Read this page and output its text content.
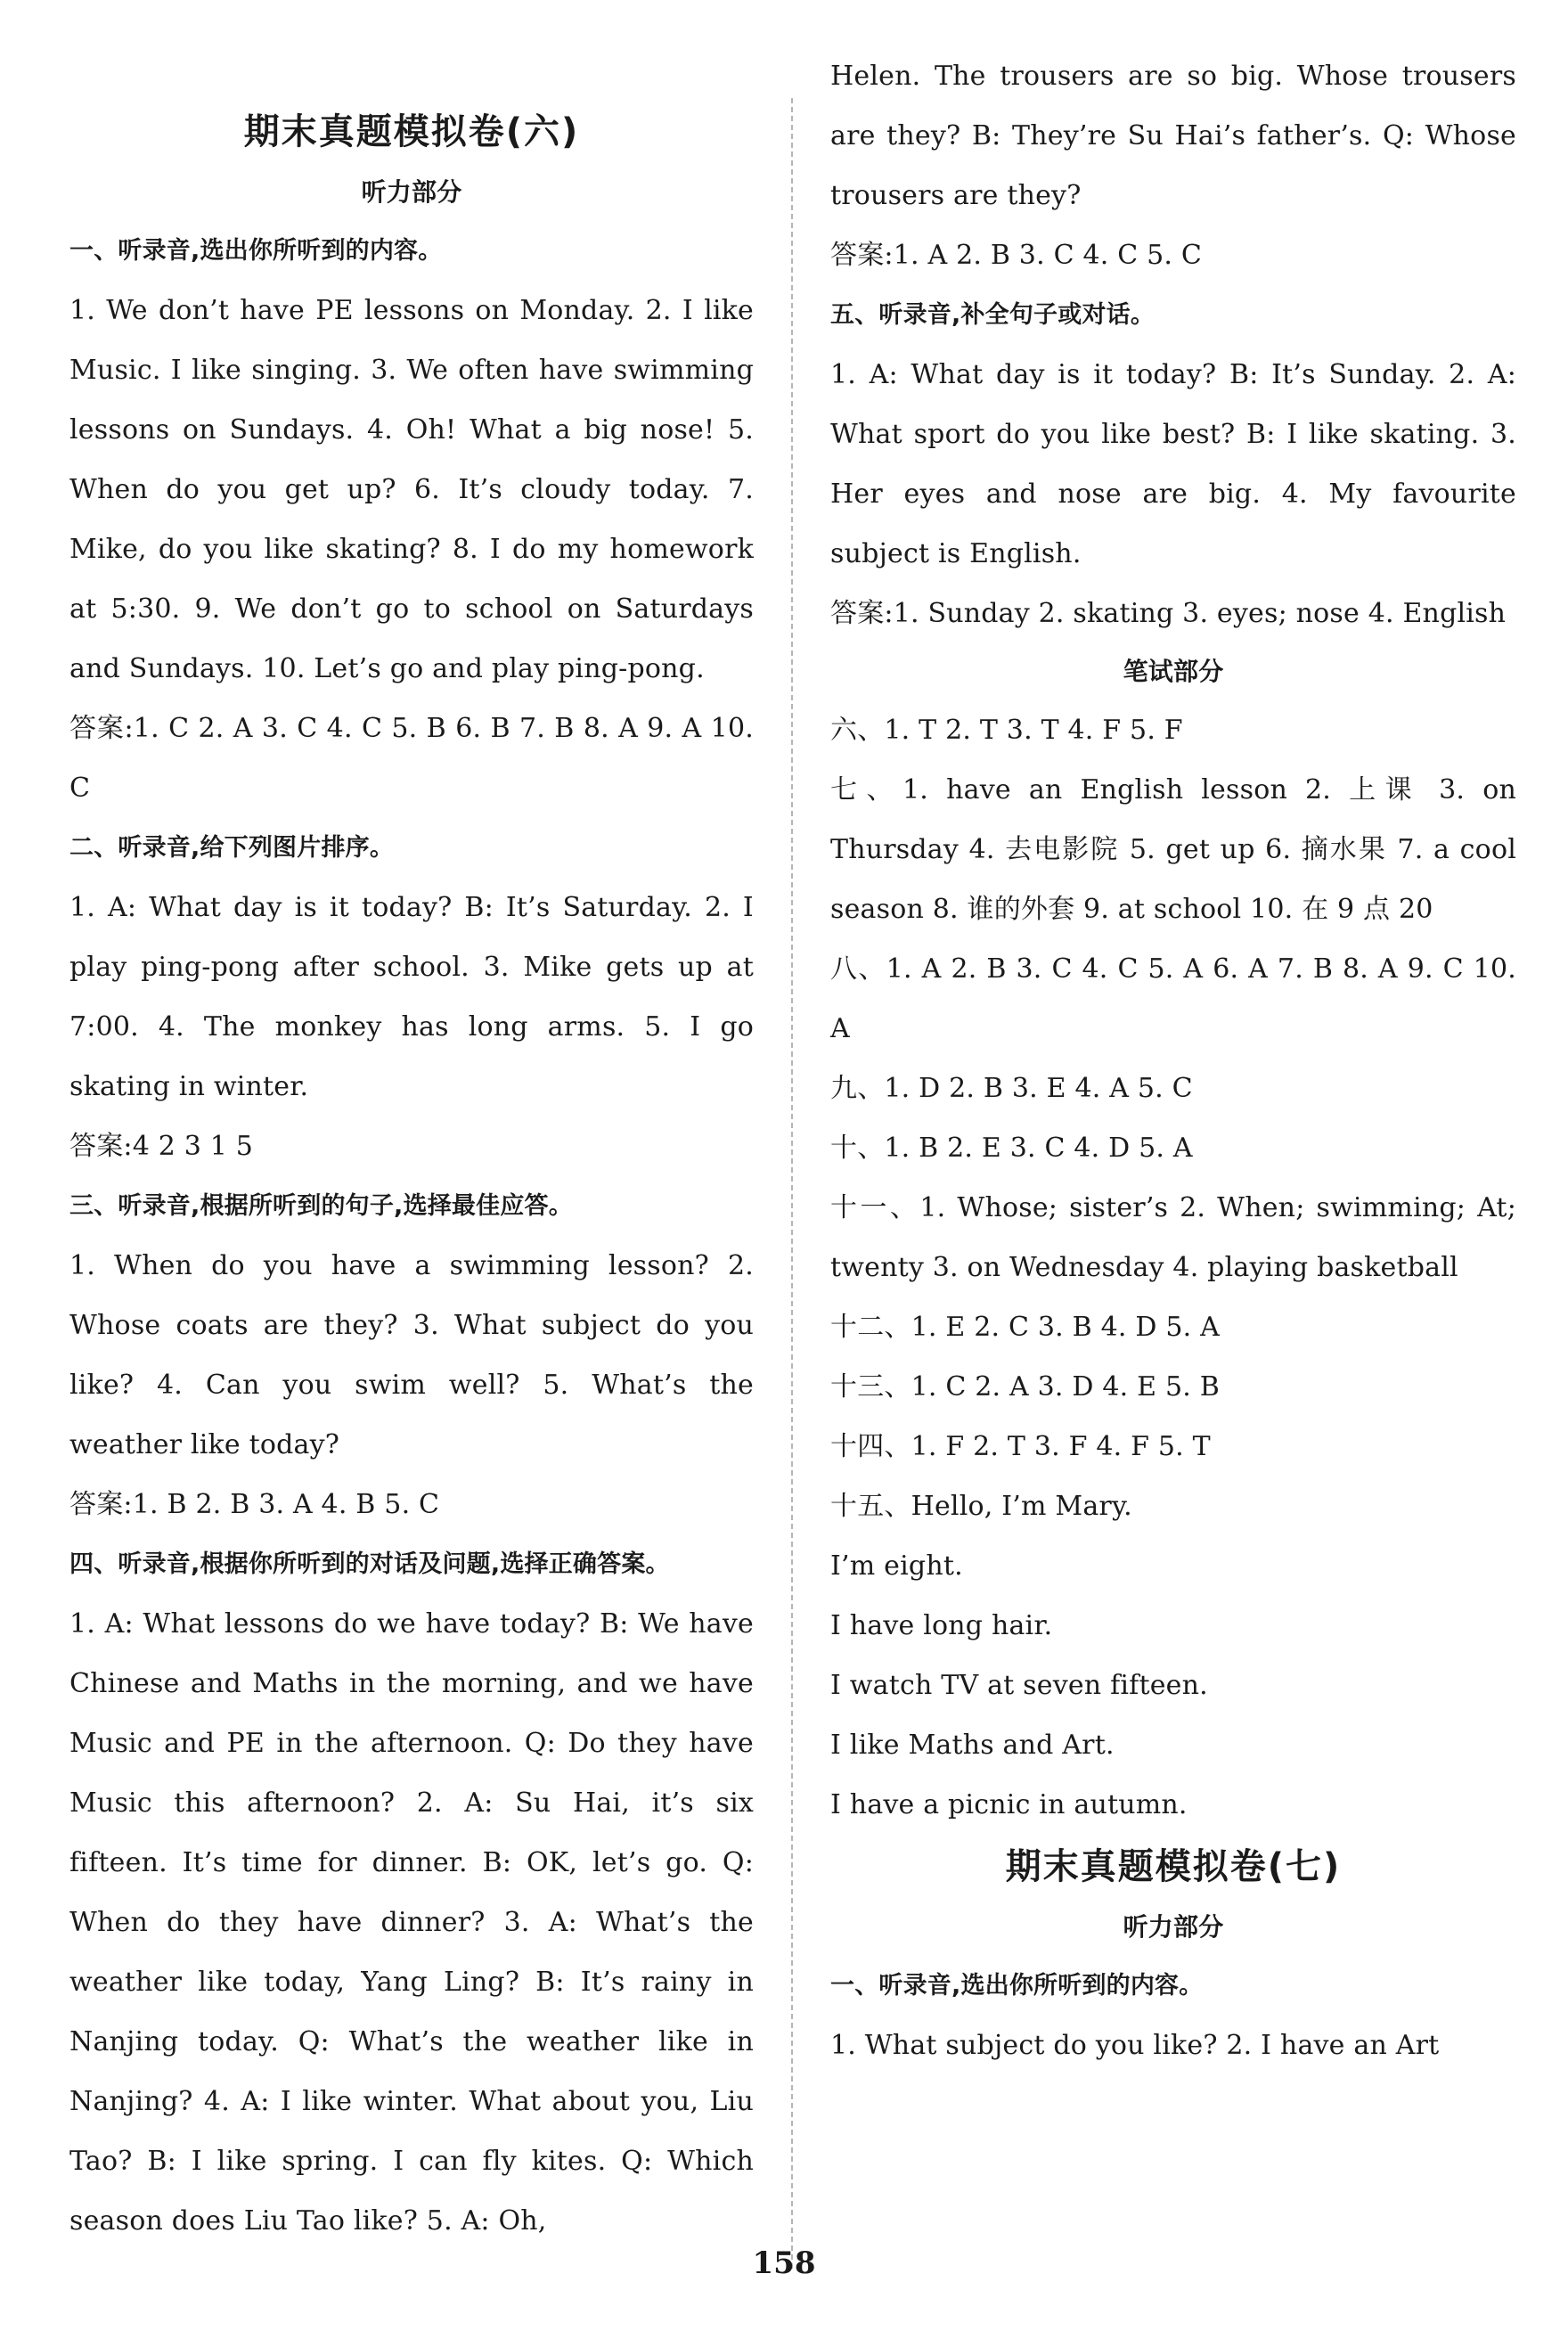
期末真题模拟卷(六)
听力部分
一、听录音,选出你所听到的内容。
1. We don’t have PE lessons on Monday. 2. I like Music. I like singing. 3. We often have swimming lessons on Sundays. 4. Oh! What a big nose! 5. When do you get up? 6. It’s cloudy today. 7. Mike, do you like skating? 8. I do my homework at 5:30. 9. We don’t go to school on Saturdays and Sundays. 10. Let’s go and play ping-pong.
答案:1. C 2. A 3. C 4. C 5. B 6. B 7. B 8. A 9. A 10. C
二、听录音,给下列图片排序。
1. A: What day is it today? B: It’s Saturday. 2. I play ping-pong after school. 3. Mike gets up at 7:00. 4. The monkey has long arms. 5. I go skating in winter.
答案:4 2 3 1 5
三、听录音,根据所听到的句子,选择最佳应答。
1. When do you have a swimming lesson? 2. Whose coats are they? 3. What subject do you like? 4. Can you swim well? 5. What’s the weather like today?
答案:1. B 2. B 3. A 4. B 5. C
四、听录音,根据你所听到的对话及问题,选择正确答案。
1. A: What lessons do we have today? B: We have Chinese and Maths in the morning, and we have Music and PE in the afternoon. Q: Do they have Music this afternoon? 2. A: Su Hai, it’s six fifteen. It’s time for dinner. B: OK, let’s go. Q: When do they have dinner? 3. A: What’s the weather like today, Yang Ling? B: It’s rainy in Nanjing today. Q: What’s the weather like in Nanjing? 4. A: I like winter. What about you, Liu Tao? B: I like spring. I can fly kites. Q: Which season does Liu Tao like? 5. A: Oh,
Helen. The trousers are so big. Whose trousers are they? B: They’re Su Hai’s father’s. Q: Whose trousers are they?
答案:1. A 2. B 3. C 4. C 5. C
五、听录音,补全句子或对话。
1. A: What day is it today? B: It’s Sunday. 2. A: What sport do you like best? B: I like skating. 3. Her eyes and nose are big. 4. My favourite subject is English.
答案:1. Sunday 2. skating 3. eyes; nose 4. English
笔试部分
六、1. T 2. T 3. T 4. F 5. F
七、1. have an English lesson 2. 上课 3. on Thursday 4. 去电影院 5. get up 6. 摘水果 7. a cool season 8. 谁的外套 9. at school 10. 在 9 点 20
八、1. A 2. B 3. C 4. C 5. A 6. A 7. B 8. A 9. C 10. A
九、1. D 2. B 3. E 4. A 5. C
十、1. B 2. E 3. C 4. D 5. A
十一、1. Whose; sister’s 2. When; swimming; At; twenty 3. on Wednesday 4. playing basketball
十二、1. E 2. C 3. B 4. D 5. A
十三、1. C 2. A 3. D 4. E 5. B
十四、1. F 2. T 3. F 4. F 5. T
十五、Hello, I’m Mary.
I’m eight.
I have long hair.
I watch TV at seven fifteen.
I like Maths and Art.
I have a picnic in autumn.
期末真题模拟卷(七)
听力部分
一、听录音,选出你所听到的内容。
1. What subject do you like? 2. I have an Art
158
